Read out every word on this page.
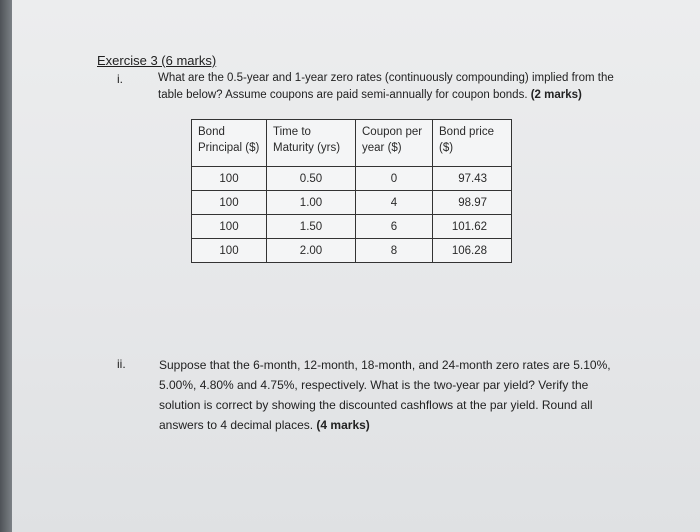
Exercise 3 (6 marks)
i.	What are the 0.5-year and 1-year zero rates (continuously compounding) implied from the table below? Assume coupons are paid semi-annually for coupon bonds. (2 marks)
Bond Principal ($)	Time to Maturity (yrs)	Coupon per year ($)	Bond price ($)
100	0.50	0	97.43
100	1.00	4	98.97
100	1.50	6	101.62
100	2.00	8	106.28
ii.	Suppose that the 6-month, 12-month, 18-month, and 24-month zero rates are 5.10%, 5.00%, 4.80% and 4.75%, respectively. What is the two-year par yield? Verify the solution is correct by showing the discounted cashflows at the par yield. Round all answers to 4 decimal places. (4 marks)
